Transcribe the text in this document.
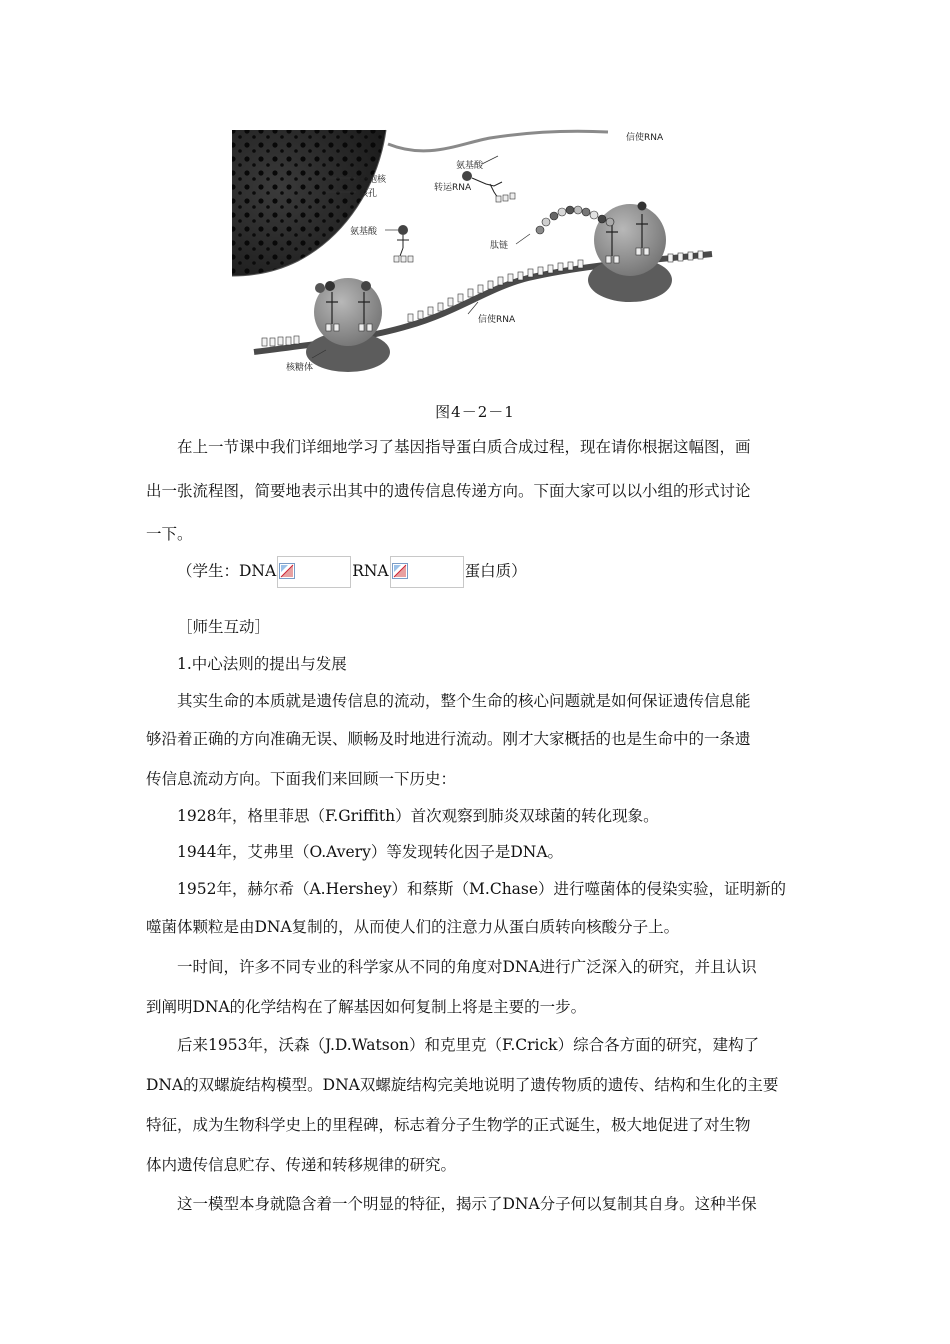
信使RNA
细胞核
核孔
氨基酸
转运RNA
氨基酸
肽链
信使RNA
核糖体
图4－2－1
在上一节课中我们详细地学习了基因指导蛋白质合成过程，现在请你根据这幅图，画
出一张流程图，简要地表示出其中的遗传信息传递方向。下面大家可以以小组的形式讨论
一下。
（学生：DNA	RNA	蛋白质）
［师生互动］
1.中心法则的提出与发展
其实生命的本质就是遗传信息的流动，整个生命的核心问题就是如何保证遗传信息能
够沿着正确的方向准确无误、顺畅及时地进行流动。刚才大家概括的也是生命中的一条遗
传信息流动方向。下面我们来回顾一下历史：
1928年，格里菲思（F.Griffith）首次观察到肺炎双球菌的转化现象。
1944年，艾弗里（O.Avery）等发现转化因子是DNA。
1952年，赫尔希（A.Hershey）和蔡斯（M.Chase）进行噬菌体的侵染实验，证明新的
噬菌体颗粒是由DNA复制的，从而使人们的注意力从蛋白质转向核酸分子上。
一时间，许多不同专业的科学家从不同的角度对DNA进行广泛深入的研究，并且认识
到阐明DNA的化学结构在了解基因如何复制上将是主要的一步。
后来1953年，沃森（J.D.Watson）和克里克（F.Crick）综合各方面的研究，建构了
DNA的双螺旋结构模型。DNA双螺旋结构完美地说明了遗传物质的遗传、结构和生化的主要
特征，成为生物科学史上的里程碑，标志着分子生物学的正式诞生，极大地促进了对生物
体内遗传信息贮存、传递和转移规律的研究。
这一模型本身就隐含着一个明显的特征，揭示了DNA分子何以复制其自身。这种半保
